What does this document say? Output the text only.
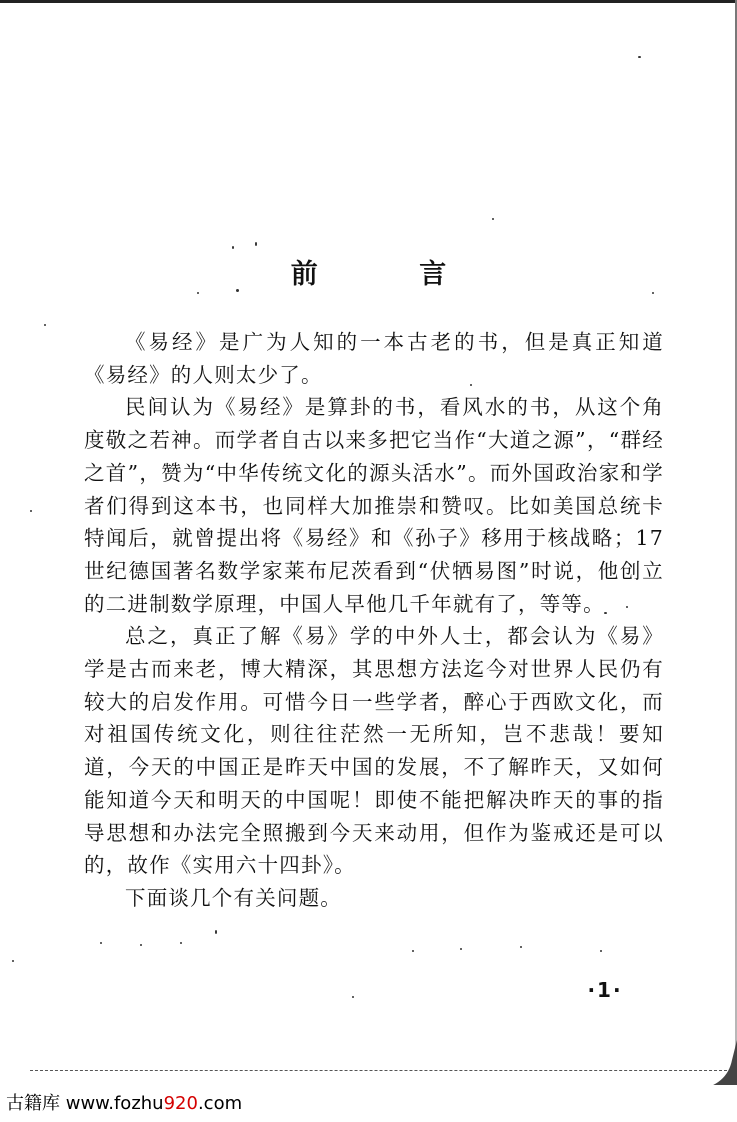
前 言

《易经》是广为人知的一本古老的书，但是真正知道《易经》的人则太少了。

民间认为《易经》是算卦的书，看风水的书，从这个角度敬之若神。而学者自古以来多把它当作“大道之源”，“群经之首”，赞为“中华传统文化的源头活水”。而外国政治家和学者们得到这本书，也同样大加推崇和赞叹。比如美国总统卡特闻后，就曾提出将《易经》和《孙子》移用于核战略；17世纪德国著名数学家莱布尼茨看到“伏牺易图”时说，他创立的二进制数学原理，中国人早他几千年就有了，等等。

总之，真正了解《易》学的中外人士，都会认为《易》学是古而来老，博大精深，其思想方法迄今对世界人民仍有较大的启发作用。可惜今日一些学者，醉心于西欧文化，而对祖国传统文化，则往往茫然一无所知，岂不悲哉！要知道，今天的中国正是昨天中国的发展，不了解昨天，又如何能知道今天和明天的中国呢！即使不能把解决昨天的事的指导思想和办法完全照搬到今天来动用，但作为鉴戒还是可以的，故作《实用六十四卦》。

下面谈几个有关问题。

·1·
古籍库 www.fozhu920.com
